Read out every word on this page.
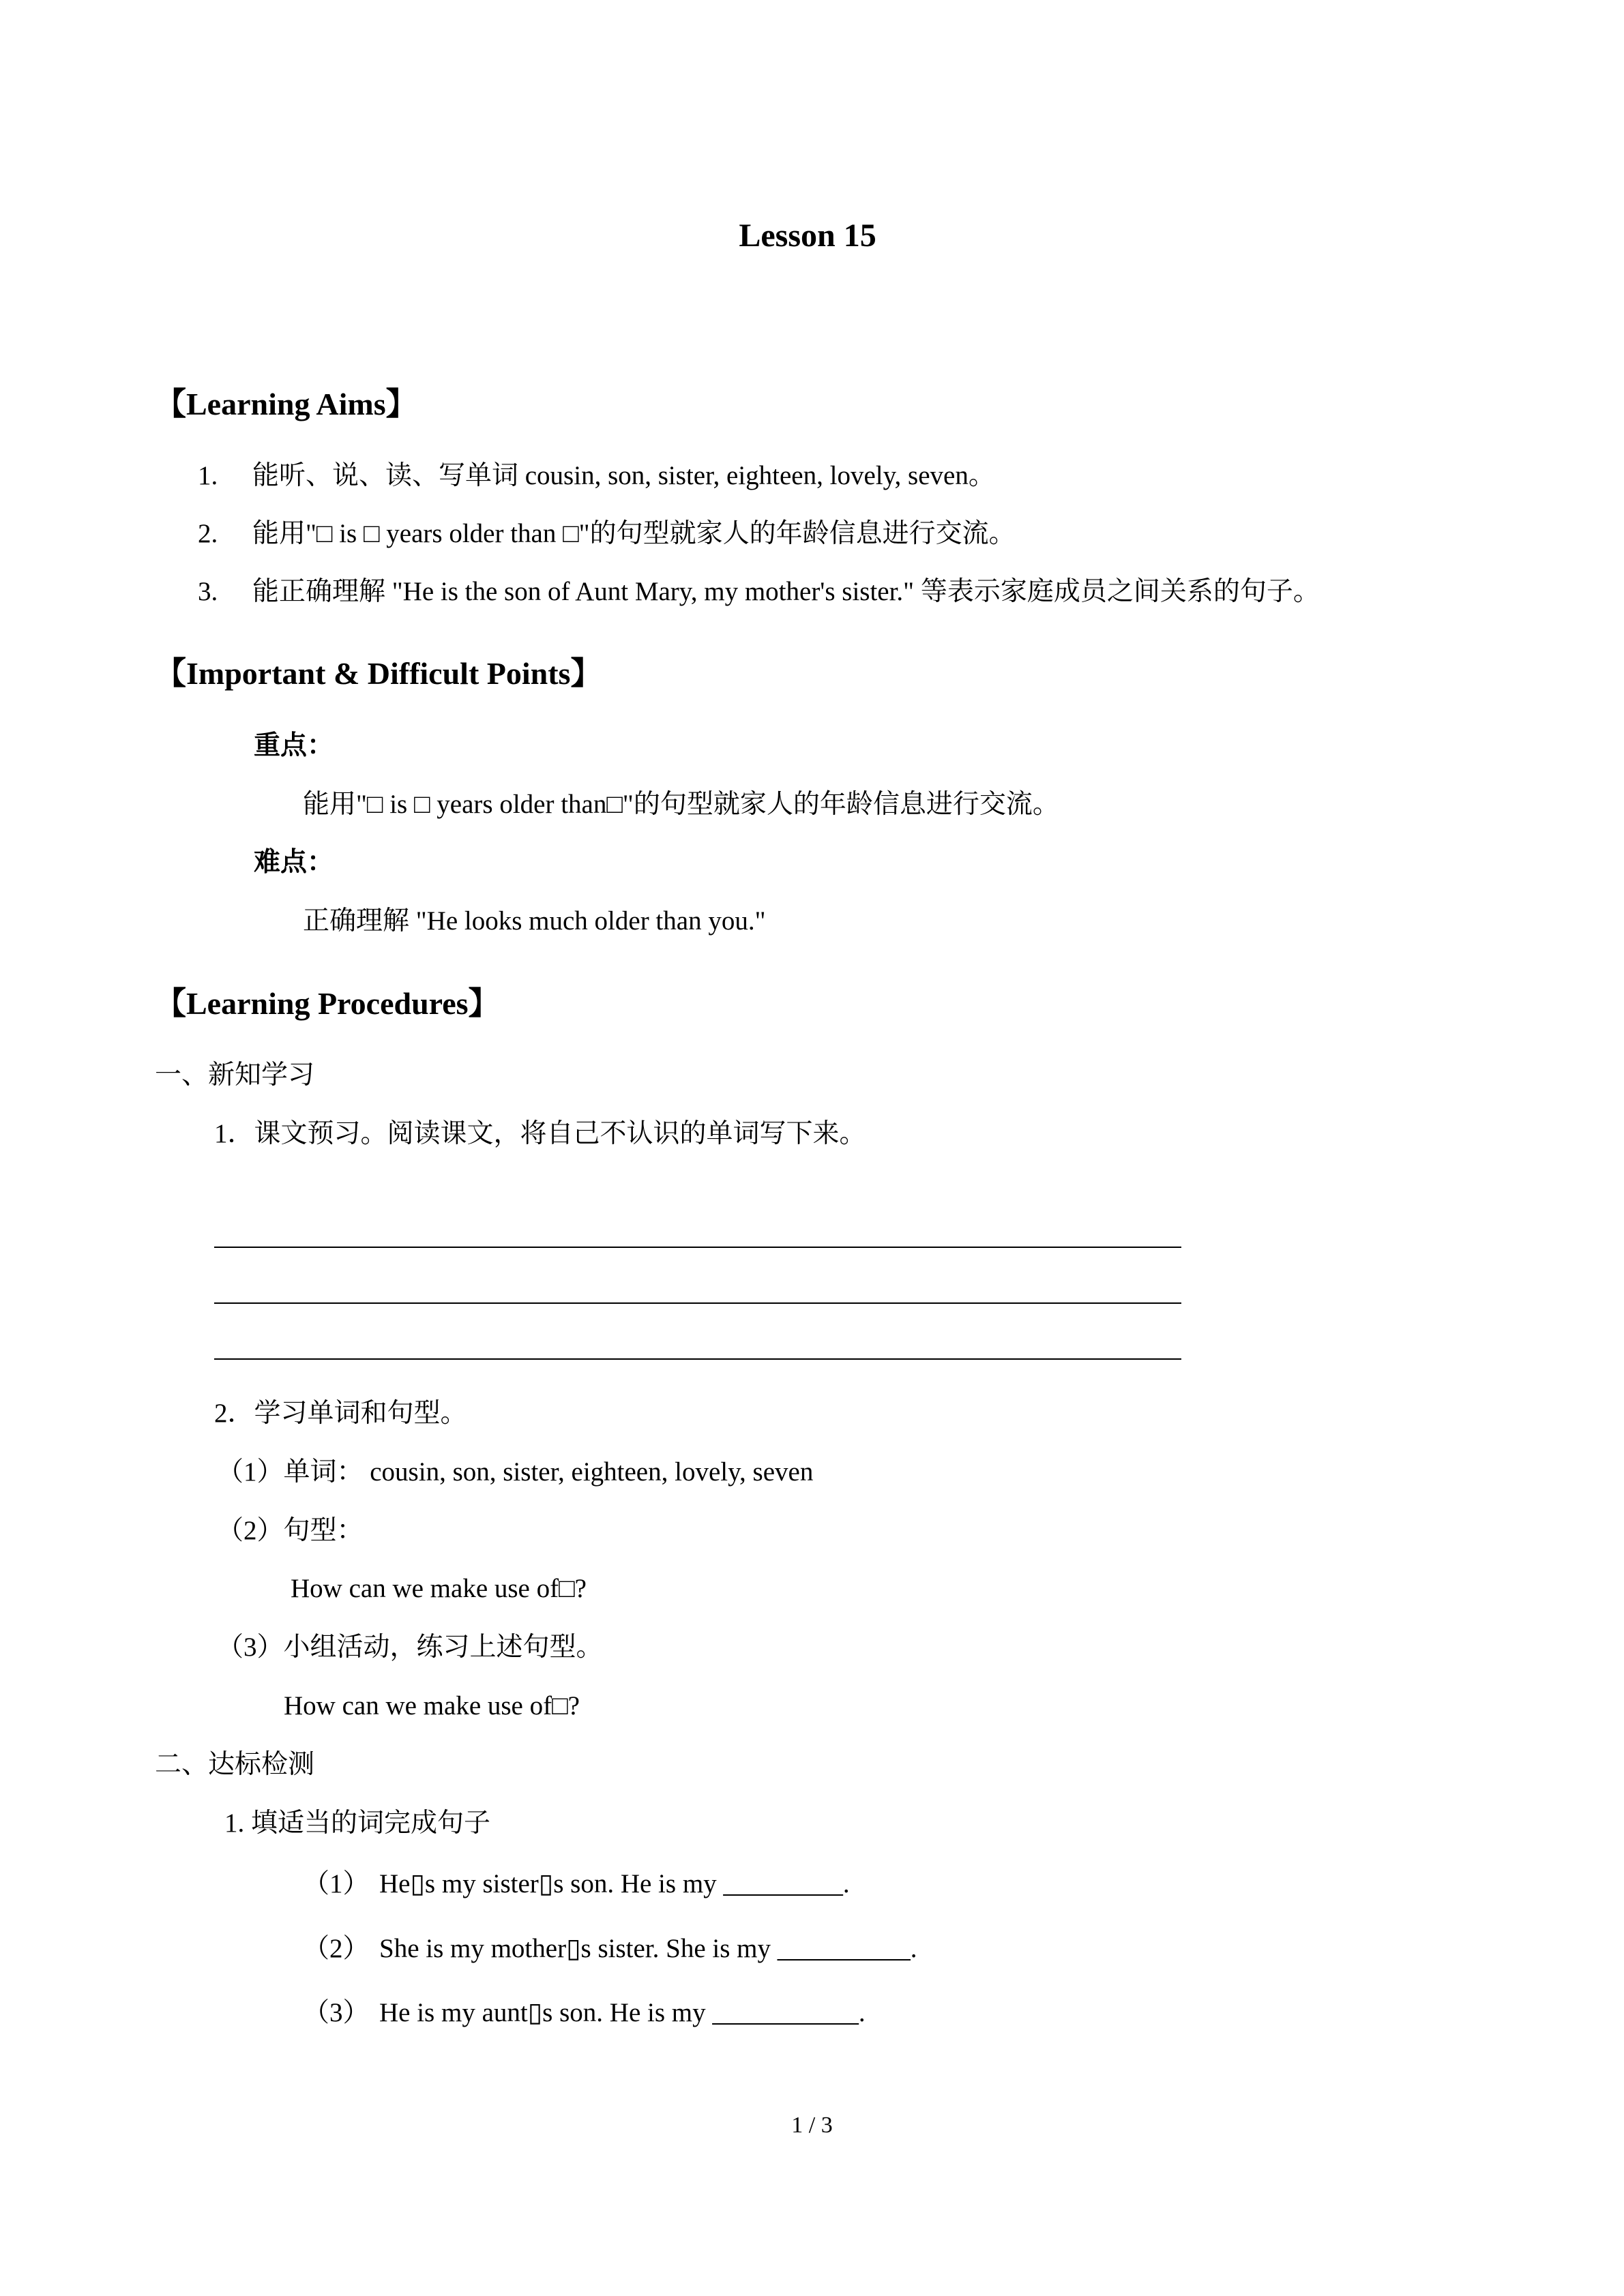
Lesson 15
【Learning Aims】
1.	能听、说、读、写单词 cousin, son, sister, eighteen, lovely, seven。
2.	能用"□ is □ years older than □"的句型就家人的年龄信息进行交流。
3.	能正确理解 "He is the son of Aunt Mary, my mother's sister." 等表示家庭成员之间关系的句子。
【Important & Difficult Points】
重点：
能用"□ is □ years older than□"的句型就家人的年龄信息进行交流。
难点：
正确理解 "He looks much older than you."
【Learning Procedures】
一、新知学习
1．课文预习。阅读课文，将自己不认识的单词写下来。
2．学习单词和句型。
（1）单词： cousin, son, sister, eighteen, lovely, seven
（2）句型：
How can we make use of□?
（3）小组活动，练习上述句型。
How can we make use of□?
二、达标检测
1. 填适当的词完成句子
（1） He▯s my sister▯s son. He is my _________.
（2） She is my mother▯s sister. She is my __________.
（3） He is my aunt▯s son. He is my ___________.
1 / 3
